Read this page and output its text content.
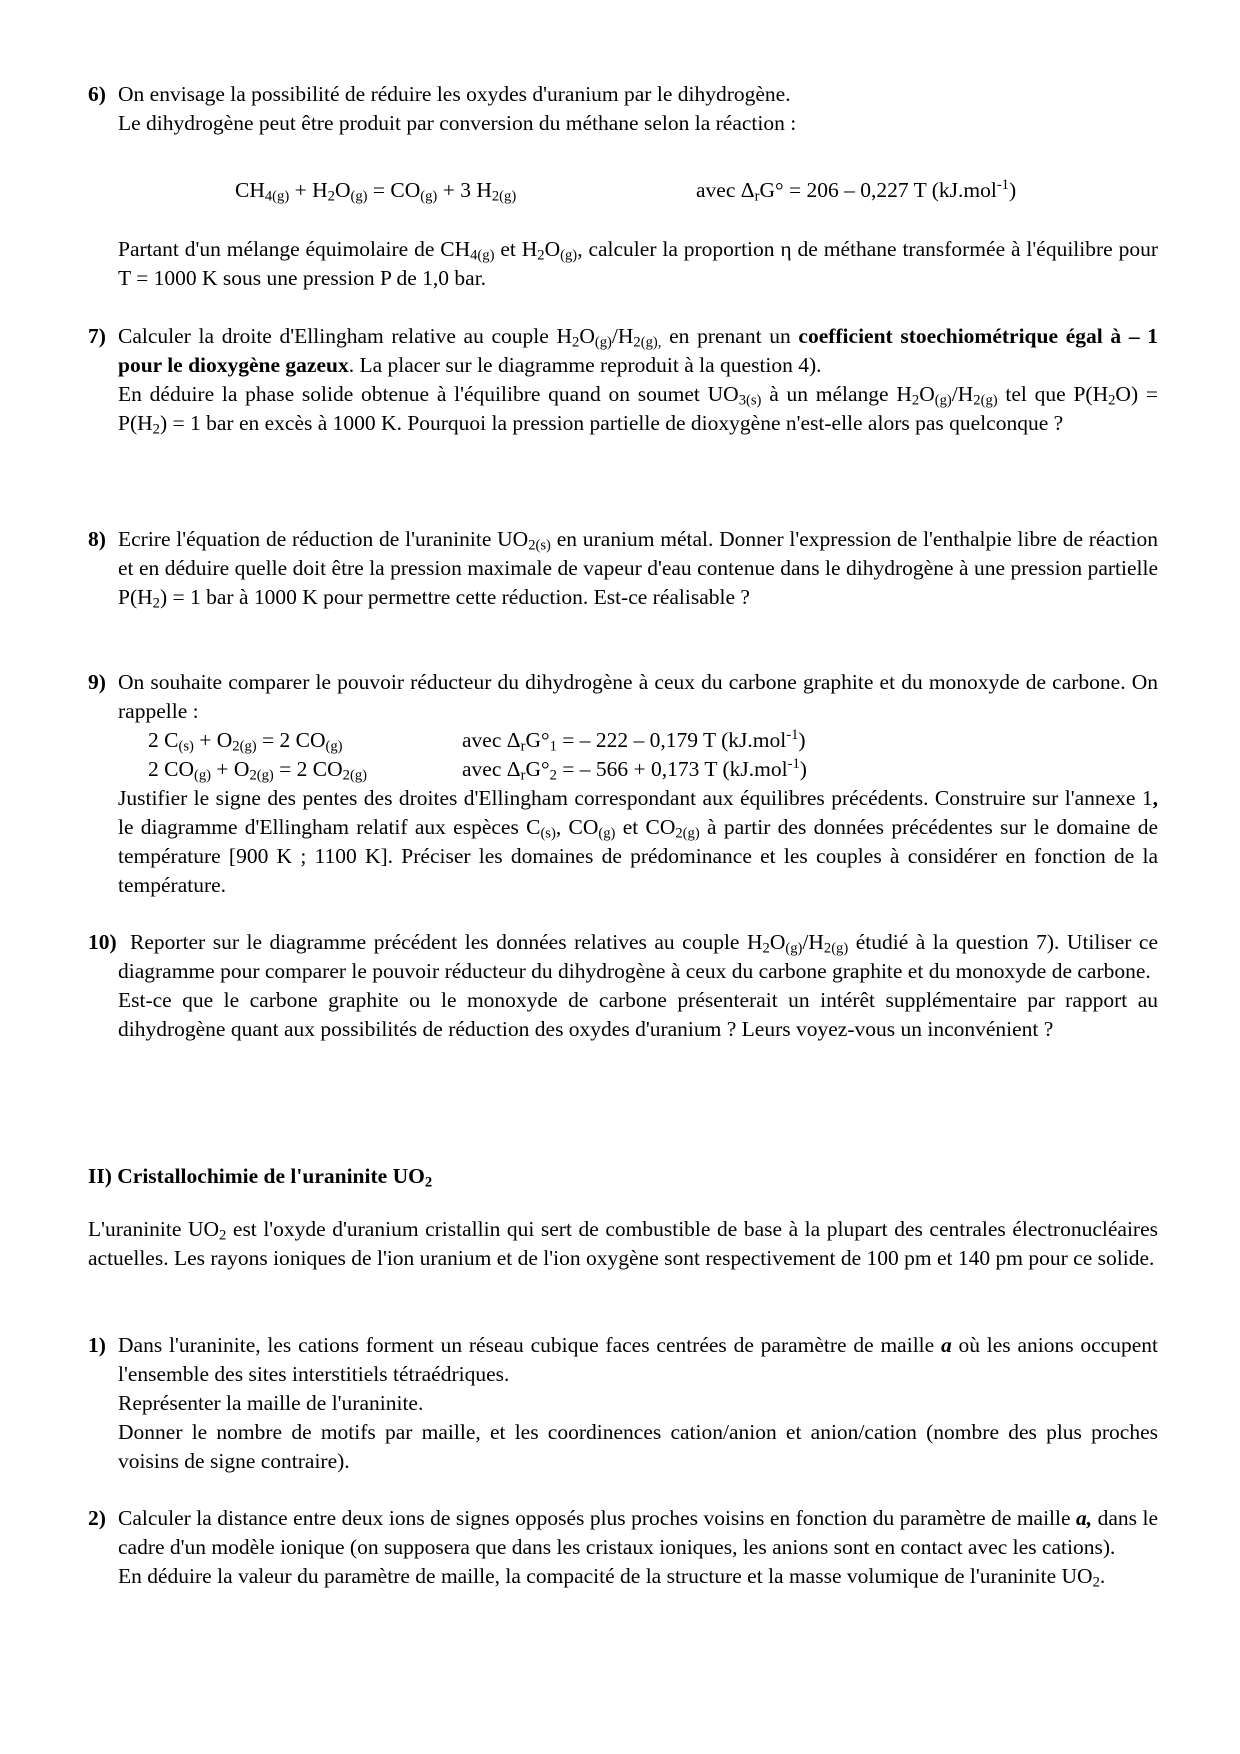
6) On envisage la possibilité de réduire les oxydes d'uranium par le dihydrogène.

Le dihydrogène peut être produit par conversion du méthane selon la réaction :

$CH_{4(g)} + H_2O_{(g)} = CO_{(g)} + 3$ $H_{2(g)}$	avec $\Delta_rG^\circ = 206 - 0,227$ T (kJ.mol$^{-1}$)

Partant d'un mélange équimolaire de $CH_{4(g)}$ et $H_2O_{(g)}$, calculer la proportion η de méthane transformée à l'équilibre pour T = 1000 K sous une pression P de 1,0 bar.

7) Calculer la droite d'Ellingham relative au couple $H_2O_{(g)}/H_{2(g),}$ en prenant un coefficient stoechiométrique égal à – 1 pour le dioxygène gazeux. La placer sur le diagramme reproduit à la question 4).

En déduire la phase solide obtenue à l'équilibre quand on soumet $UO_{3(s)}$ à un mélange $H_2O_{(g)}/H_{2(g)}$ tel que $P(H_2O) = P(H_2) = 1$ bar en excès à 1000 K. Pourquoi la pression partielle de dioxygène n'est-elle alors pas quelconque ?

8) Ecrire l'équation de réduction de l'uraninite $UO_{2(s)}$ en uranium métal. Donner l'expression de l'enthalpie libre de réaction et en déduire quelle doit être la pression maximale de vapeur d'eau contenue dans le dihydrogène à une pression partielle $P(H_2) = 1$ bar à 1000 K pour permettre cette réduction. Est-ce réalisable ?

9) On souhaite comparer le pouvoir réducteur du dihydrogène à ceux du carbone graphite et du monoxyde de carbone. On rappelle :

2 $C_{(s)} + O_{2(g)} = 2$ $CO_{(g)}$	avec $\Delta_rG^\circ_1$ = – 222 – 0,179 T (kJ.mol$^{-1}$)
2 $CO_{(g)} + O_{2(g)} = 2$ $CO_{2(g)}$	avec $\Delta_rG^\circ_2$ = – 566 + 0,173 T (kJ.mol$^{-1}$)

Justifier le signe des pentes des droites d'Ellingham correspondant aux équilibres précédents. Construire sur l'annexe 1, le diagramme d'Ellingham relatif aux espèces $C_{(s)}$, $CO_{(g)}$ et $CO_{2(g)}$ à partir des données précédentes sur le domaine de température [900 K ; 1100 K]. Préciser les domaines de prédominance et les couples à considérer en fonction de la température.

10) Reporter sur le diagramme précédent les données relatives au couple $H_2O_{(g)}/H_{2(g)}$ étudié à la question 7). Utiliser ce diagramme pour comparer le pouvoir réducteur du dihydrogène à ceux du carbone graphite et du monoxyde de carbone.

Est-ce que le carbone graphite ou le monoxyde de carbone présenterait un intérêt supplémentaire par rapport au dihydrogène quant aux possibilités de réduction des oxydes d'uranium ? Leurs voyez-vous un inconvénient ?

II) Cristallochimie de l'uraninite $UO_2$
L'uraninite $UO_2$ est l'oxyde d'uranium cristallin qui sert de combustible de base à la plupart des centrales électronucléaires actuelles. Les rayons ioniques de l'ion uranium et de l'ion oxygène sont respectivement de 100 pm et 140 pm pour ce solide.
1) Dans l'uraninite, les cations forment un réseau cubique faces centrées de paramètre de maille a où les anions occupent l'ensemble des sites interstitiels tétraédriques.

Représenter la maille de l'uraninite.

Donner le nombre de motifs par maille, et les coordinences cation/anion et anion/cation (nombre des plus proches voisins de signe contraire).

2) Calculer la distance entre deux ions de signes opposés plus proches voisins en fonction du paramètre de maille a, dans le cadre d'un modèle ionique (on supposera que dans les cristaux ioniques, les anions sont en contact avec les cations).

En déduire la valeur du paramètre de maille, la compacité de la structure et la masse volumique de l'uraninite $UO_2$.
